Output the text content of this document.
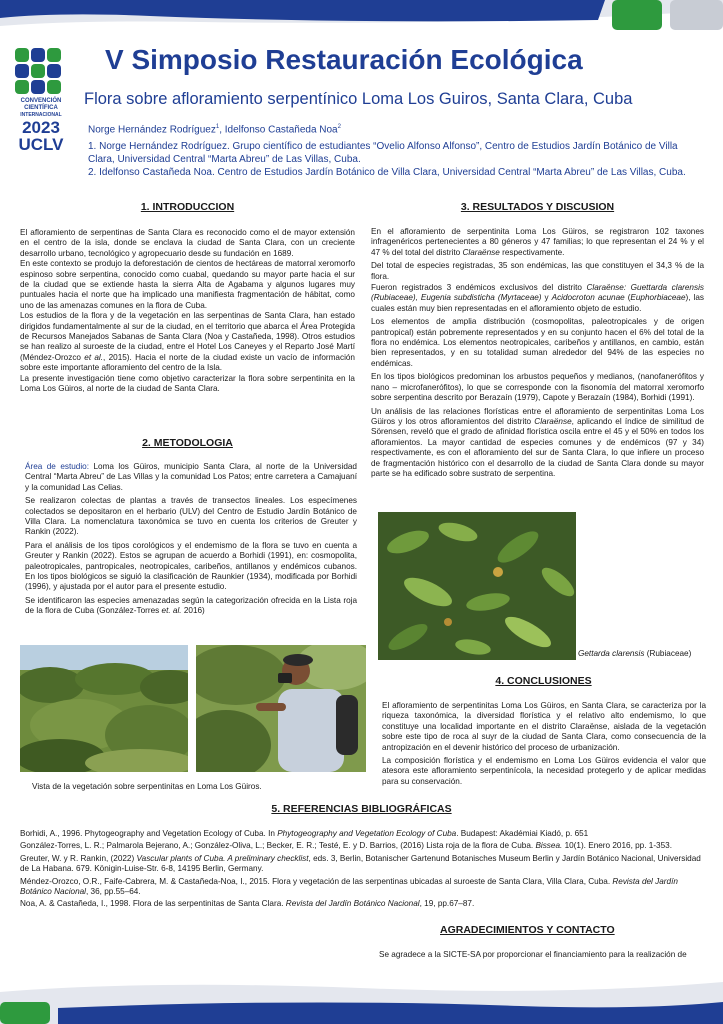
CONVENCIÓN
CIENTÍFICA
INTERNACIONAL
2023
UCLV
V Simposio Restauración Ecológica
Flora sobre afloramiento serpentínico Loma Los Guiros, Santa Clara, Cuba
Norge Hernández Rodríguez$^1$, Idelfonso Castañeda Noa$^2$
1. Norge Hernández Rodríguez. Grupo científico de estudiantes “Ovelio Alfonso Alfonso”, Centro de Estudios Jardín Botánico de Villa Clara, Universidad Central “Marta Abreu” de Las Villas, Cuba.
2. Idelfonso Castañeda Noa. Centro de Estudios Jardín Botánico de Villa Clara, Universidad Central “Marta Abreu” de Las Villas, Cuba.
1. INTRODUCCION

El afloramiento de serpentinas de Santa Clara es reconocido como el de mayor extensión en el centro de la isla, donde se enclava la ciudad de Santa Clara, con un creciente desarrollo urbano, tecnológico y agropecuario desde su fundación en 1689.

En este contexto se produjo la deforestación de cientos de hectáreas de matorral xeromorfo espinoso sobre serpentina, conocido como cuabal, quedando su mayor parte hacia el sur de la ciudad que se extiende hasta la sierra Alta de Agabama y algunos lugares muy puntuales hacia el norte que ha implicado una manifiesta fragmentación de hábitat, como uno de las amenazas comunes en la flora de Cuba.

Los estudios de la flora y de la vegetación en las serpentinas de Santa Clara, han estado dirigidos fundamentalmente al sur de la ciudad, en el territorio que abarca el Área Protegida de Recursos Manejados Sabanas de Santa Clara (Noa y Castañeda, 1998). Otros estudios se han realizo al suroeste de la ciudad, entre el Hotel Los Caneyes y el Reparto José Martí (Méndez-Orozco et al., 2015). Hacia el norte de la ciudad existe un vacío de información sobre este importante afloramiento del centro de la Isla.

La presente investigación tiene como objetivo caracterizar la flora sobre serpentinita en la Loma Los Güiros, al norte de la ciudad de Santa Clara.

2. METODOLOGIA

Área de estudio: Loma los Güiros, municipio Santa Clara, al norte de la Universidad Central “Marta Abreu” de Las Villas y la comunidad Los Patos; entre carretera a Camajuaní y la comunidad Las Celias.

Se realizaron colectas de plantas a través de transectos lineales. Los especímenes colectados se depositaron en el herbario (ULV) del Centro de Estudio Jardín Botánico de Villa Clara. La nomenclatura taxonómica se tuvo en cuenta los criterios de Greuter y Rankin (2022).

Para el análisis de los tipos corológicos y el endemismo de la flora se tuvo en cuenta a Greuter y Rankin (2022). Estos se agrupan de acuerdo a Borhidi (1991), en: cosmopolita, paleotropicales, pantropicales, neotropicales, caribeños, antillanos y endémicos cubanos. En los tipos biológicos se siguió la clasificación de Raunkier (1934), modificada por Borhidi (1996), y ajustada por el autor para el presente estudio.

Se identificaron las especies amenazadas según la categorización ofrecida en la Lista roja de la flora de Cuba (González-Torres et. al. 2016)

Vista de la vegetación sobre serpentinitas en Loma Los Güiros.
3. RESULTADOS Y DISCUSION

En el afloramiento de serpentinita Loma Los Güiros, se registraron 102 taxones infragenéricos pertenecientes a 80 géneros y 47 familias; lo que representan el 24 % y el 47 % del total del distrito Claraënse respectivamente.

Del total de especies registradas, 35 son endémicas, las que constituyen el 34,3 % de la flora.

Fueron registrados 3 endémicos exclusivos del distrito Claraënse: Guettarda clarensis (Rubiaceae), Eugenia subdisticha (Myrtaceae) y Acidocroton acunae (Euphorbiaceae), las cuales están muy bien representadas en el afloramiento objeto de estudio.

Los elementos de amplia distribución (cosmopolitas, paleotropicales y de origen pantropical) están pobremente representados y en su conjunto hacen el 6% del total de la flora no endémica. Los elementos neotropicales, caribeños y antillanos, en cambio, están bien representados, y en su totalidad suman alrededor del 94% de las especies no endémicas.

En los tipos biológicos predominan los arbustos pequeños y medianos, (nanofanerófitos y nano – microfanerófitos), lo que se corresponde con la fisonomía del matorral xeromorfo sobre serpentina descrito por Berazaín (1979), Capote y Berazaín (1984), Borhidi (1991).

Un análisis de las relaciones florísticas entre el afloramiento de serpentinitas Loma Los Güiros y los otros afloramientos del distrito Claraënse, aplicando el índice de similitud de Sörensen, reveló que el grado de afinidad florística oscila entre el 45 y el 50% en todos los afloramientos. La mayor cantidad de especies comunes y de endémicos (97 y 34) respectivamente, es con el afloramiento del sur de Santa Clara, lo que infiere un proceso de fragmentación histórico con el desarrollo de la ciudad de Santa Clara donde su mayor parte se ha edificado sobre sustrato de serpentina.

Gettarda clarensis (Rubiaceae)
4. CONCLUSIONES

El afloramiento de serpentinitas Loma Los Güiros, en Santa Clara, se caracteriza por la riqueza taxonómica, la diversidad florística y el relativo alto endemismo, lo que constituye una localidad importante en el distrito Claraënse, aislada de la vegetación sobre este tipo de roca al suyr de la ciudad de Santa Clara, como consecuencia de la antropización en el devenir histórico del proceso de urbanización.

La composición florística y el endemismo en Loma Los Güiros evidencia el valor que atesora este afloramiento serpentinícola, la necesidad protegerlo y de aplicar medidas para su conservación.

5. REFERENCIAS BIBLIOGRÁFICAS

Borhidi, A., 1996. Phytogeography and Vegetation Ecology of Cuba. In Phytogeography and Vegetation Ecology of Cuba. Budapest: Akadémiai Kiadó, p. 651

González-Torres, L. R.; Palmarola Bejerano, A.; González-Oliva, L.; Becker, E. R.; Testé, E. y D. Barrios, (2016) Lista roja de la flora de Cuba. Bissea. 10(1). Enero 2016, pp. 1-353.

Greuter, W. y R. Rankin, (2022) Vascular plants of Cuba. A preliminary checklist, eds. 3, Berlin, Botanischer Gartenund Botanisches Museum Berlin y Jardín Botánico Nacional, Universidad de La Habana. 679. Königin-Luise-Str. 6-8, 14195 Berlin, Germany.

Méndez-Orozco, O.R., Faife-Cabrera, M. & Castañeda-Noa, I., 2015. Flora y vegetación de las serpentinas ubicadas al suroeste de Santa Clara, Villa Clara, Cuba. Revista del Jardín Botánico Nacional, 36, pp.55–64.

Noa, A. & Castañeda, I., 1998. Flora de las serpentinitas de Santa Clara. Revista del Jardín Botánico Nacional, 19, pp.67–87.

AGRADECIMIENTOS Y CONTACTO
Se agradece a la SICTE-SA por proporcionar el financiamiento para la realización de
